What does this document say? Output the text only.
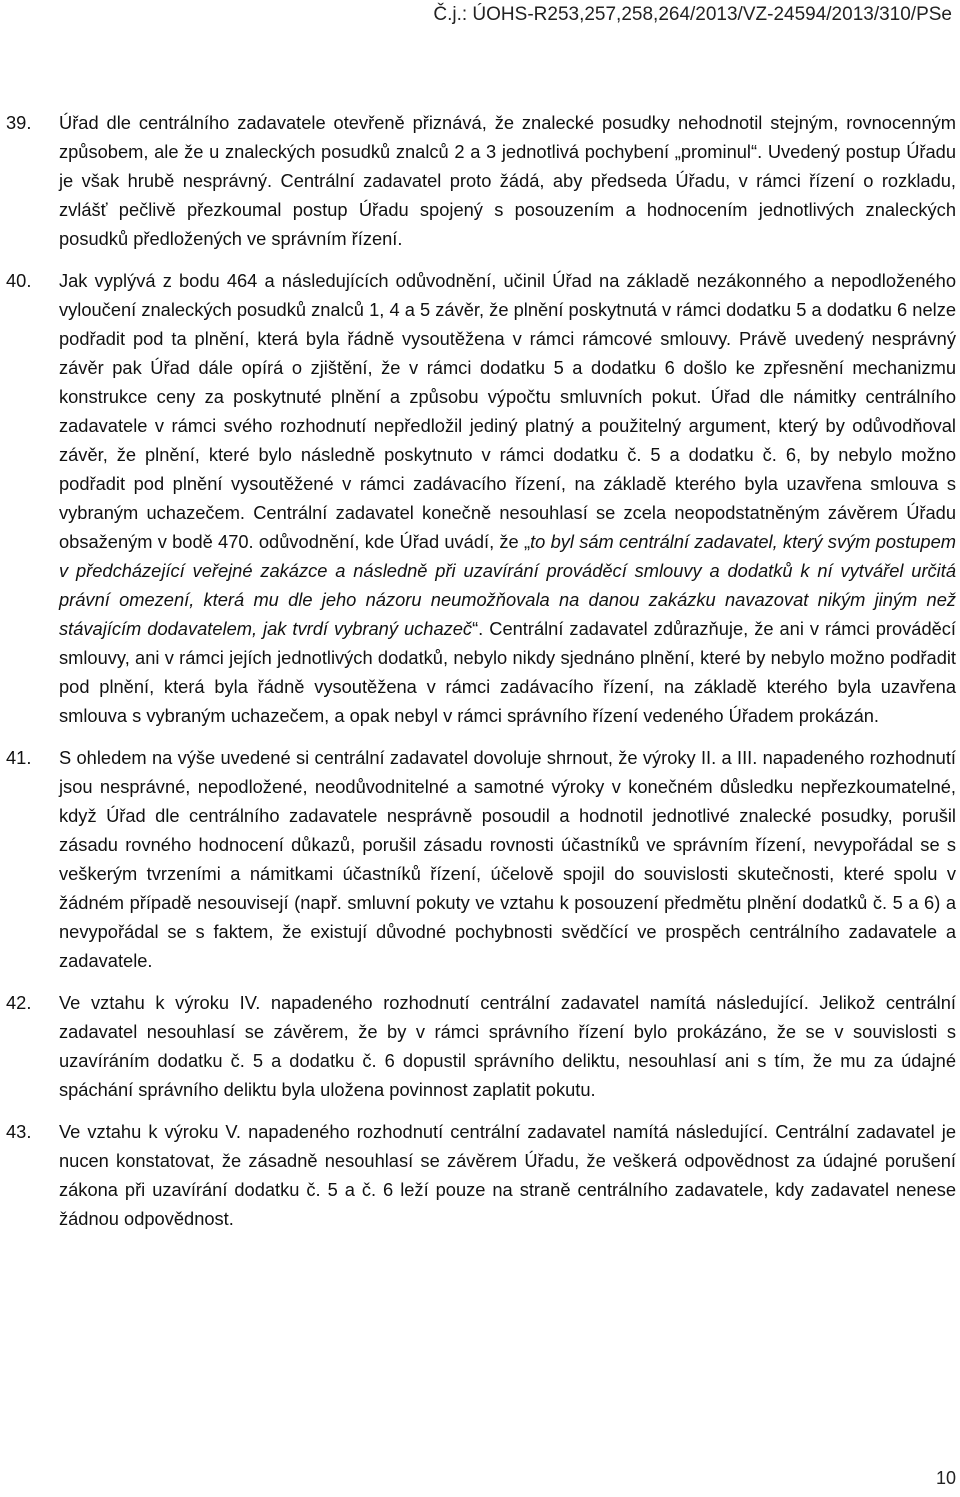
Č.j.: ÚOHS-R253,257,258,264/2013/VZ-24594/2013/310/PSe
39. Úřad dle centrálního zadavatele otevřeně přiznává, že znalecké posudky nehodnotil stejným, rovnocenným způsobem, ale že u znaleckých posudků znalců 2 a 3 jednotlivá pochybení „prominul“. Uvedený postup Úřadu je však hrubě nesprávný. Centrální zadavatel proto žádá, aby předseda Úřadu, v rámci řízení o rozkladu, zvlášť pečlivě přezkoumal postup Úřadu spojený s posouzením a hodnocením jednotlivých znaleckých posudků předložených ve správním řízení.
40. Jak vyplývá z bodu 464 a následujících odůvodnění, učinil Úřad na základě nezákonného a nepodloženého vyloučení znaleckých posudků znalců 1, 4 a 5 závěr, že plnění poskytnutá v rámci dodatku 5 a dodatku 6 nelze podřadit pod ta plnění, která byla řádně vysoutěžena v rámci rámcové smlouvy. Právě uvedený nesprávný závěr pak Úřad dále opírá o zjištění, že v rámci dodatku 5 a dodatku 6 došlo ke zpřesnění mechanizmu konstrukce ceny za poskytnuté plnění a způsobu výpočtu smluvních pokut. Úřad dle námitky centrálního zadavatele v rámci svého rozhodnutí nepředložil jediný platný a použitelný argument, který by odůvodňoval závěr, že plnění, které bylo následně poskytnuto v rámci dodatku č. 5 a dodatku č. 6, by nebylo možno podřadit pod plnění vysoutěžené v rámci zadávacího řízení, na základě kterého byla uzavřena smlouva s vybraným uchazečem. Centrální zadavatel konečně nesouhlasí se zcela neopodstatněným závěrem Úřadu obsaženým v bodě 470. odůvodnění, kde Úřad uvádí, že „to byl sám centrální zadavatel, který svým postupem v předcházející veřejné zakázce a následně při uzavírání prováděcí smlouvy a dodatků k ní vytvářel určitá právní omezení, která mu dle jeho názoru neumožňovala na danou zakázku navazovat nikým jiným než stávajícím dodavatelem, jak tvrdí vybraný uchazeč“. Centrální zadavatel zdůrazňuje, že ani v rámci prováděcí smlouvy, ani v rámci jejích jednotlivých dodatků, nebylo nikdy sjednáno plnění, které by nebylo možno podřadit pod plnění, která byla řádně vysoutěžena v rámci zadávacího řízení, na základě kterého byla uzavřena smlouva s vybraným uchazečem, a opak nebyl v rámci správního řízení vedeného Úřadem prokázán.
41. S ohledem na výše uvedené si centrální zadavatel dovoluje shrnout, že výroky II. a III. napadeného rozhodnutí jsou nesprávné, nepodložené, neodůvodnitelné a samotné výroky v konečném důsledku nepřezkoumatelné, když Úřad dle centrálního zadavatele nesprávně posoudil a hodnotil jednotlivé znalecké posudky, porušil zásadu rovného hodnocení důkazů, porušil zásadu rovnosti účastníků ve správním řízení, nevypořádal se s veškerým tvrzeními a námitkami účastníků řízení, účelově spojil do souvislosti skutečnosti, které spolu v žádném případě nesouvisejí (např. smluvní pokuty ve vztahu k posouzení předmětu plnění dodatků č. 5 a 6) a nevypořádal se s faktem, že existují důvodné pochybnosti svědčící ve prospěch centrálního zadavatele a zadavatele.
42. Ve vztahu k výroku IV. napadeného rozhodnutí centrální zadavatel namítá následující. Jelikož centrální zadavatel nesouhlasí se závěrem, že by v rámci správního řízení bylo prokázáno, že se v souvislosti s uzavíráním dodatku č. 5 a dodatku č. 6 dopustil správního deliktu, nesouhlasí ani s tím, že mu za údajné spáchání správního deliktu byla uložena povinnost zaplatit pokutu.
43. Ve vztahu k výroku V. napadeného rozhodnutí centrální zadavatel namítá následující. Centrální zadavatel je nucen konstatovat, že zásadně nesouhlasí se závěrem Úřadu, že veškerá odpovědnost za údajné porušení zákona při uzavírání dodatku č. 5 a č. 6 leží pouze na straně centrálního zadavatele, kdy zadavatel nenese žádnou odpovědnost.
10
